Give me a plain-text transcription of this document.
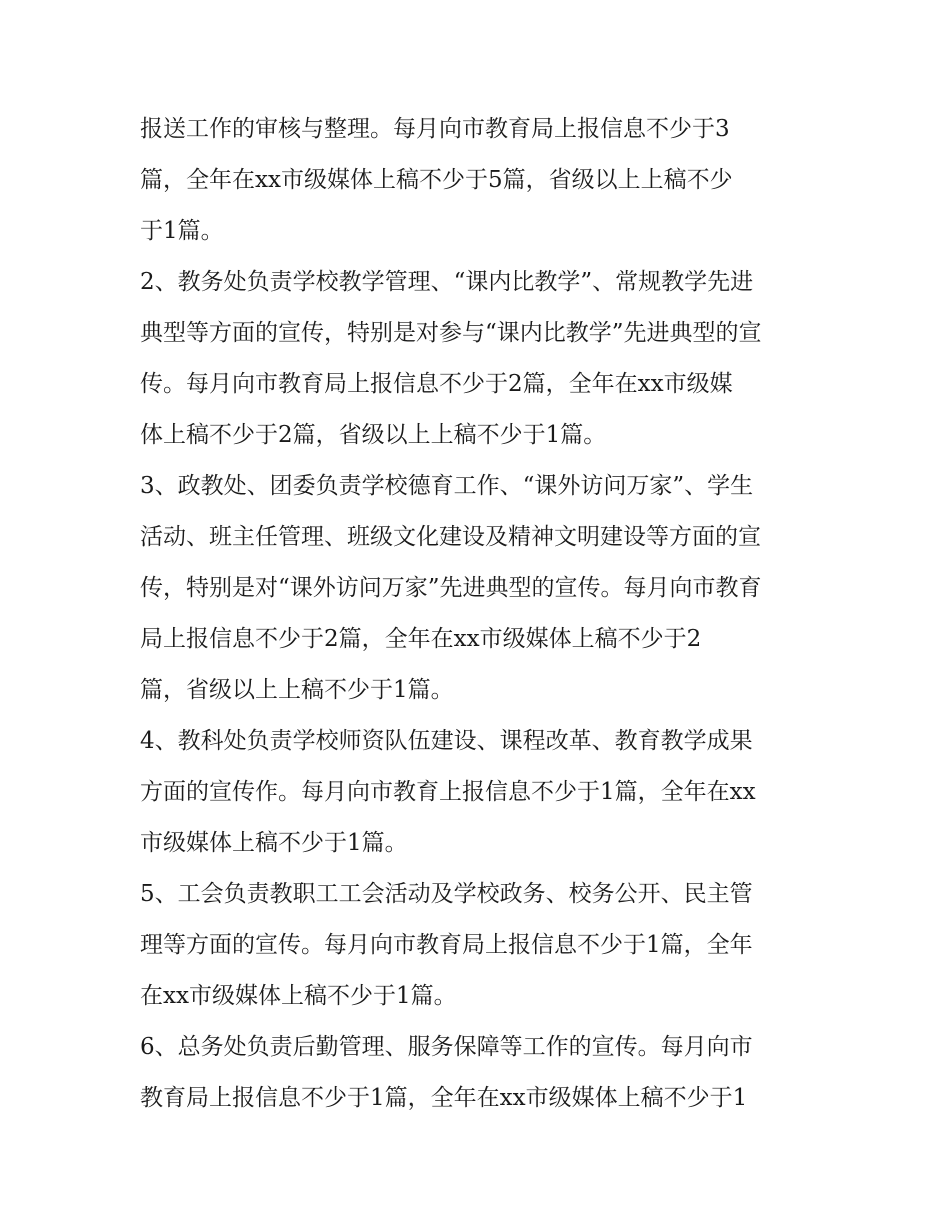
报送工作的审核与整理。每月向市教育局上报信息不少于3
篇，全年在xx市级媒体上稿不少于5篇，省级以上上稿不少
于1篇。
2、教务处负责学校教学管理、“课内比教学”、常规教学先进
典型等方面的宣传，特别是对参与“课内比教学”先进典型的宣
传。每月向市教育局上报信息不少于2篇，全年在xx市级媒
体上稿不少于2篇，省级以上上稿不少于1篇。
3、政教处、团委负责学校德育工作、“课外访问万家”、学生
活动、班主任管理、班级文化建设及精神文明建设等方面的宣
传，特别是对“课外访问万家”先进典型的宣传。每月向市教育
局上报信息不少于2篇，全年在xx市级媒体上稿不少于2
篇，省级以上上稿不少于1篇。
4、教科处负责学校师资队伍建设、课程改革、教育教学成果
方面的宣传作。每月向市教育上报信息不少于1篇，全年在xx
市级媒体上稿不少于1篇。
5、工会负责教职工工会活动及学校政务、校务公开、民主管
理等方面的宣传。每月向市教育局上报信息不少于1篇，全年
在xx市级媒体上稿不少于1篇。
6、总务处负责后勤管理、服务保障等工作的宣传。每月向市
教育局上报信息不少于1篇，全年在xx市级媒体上稿不少于1
